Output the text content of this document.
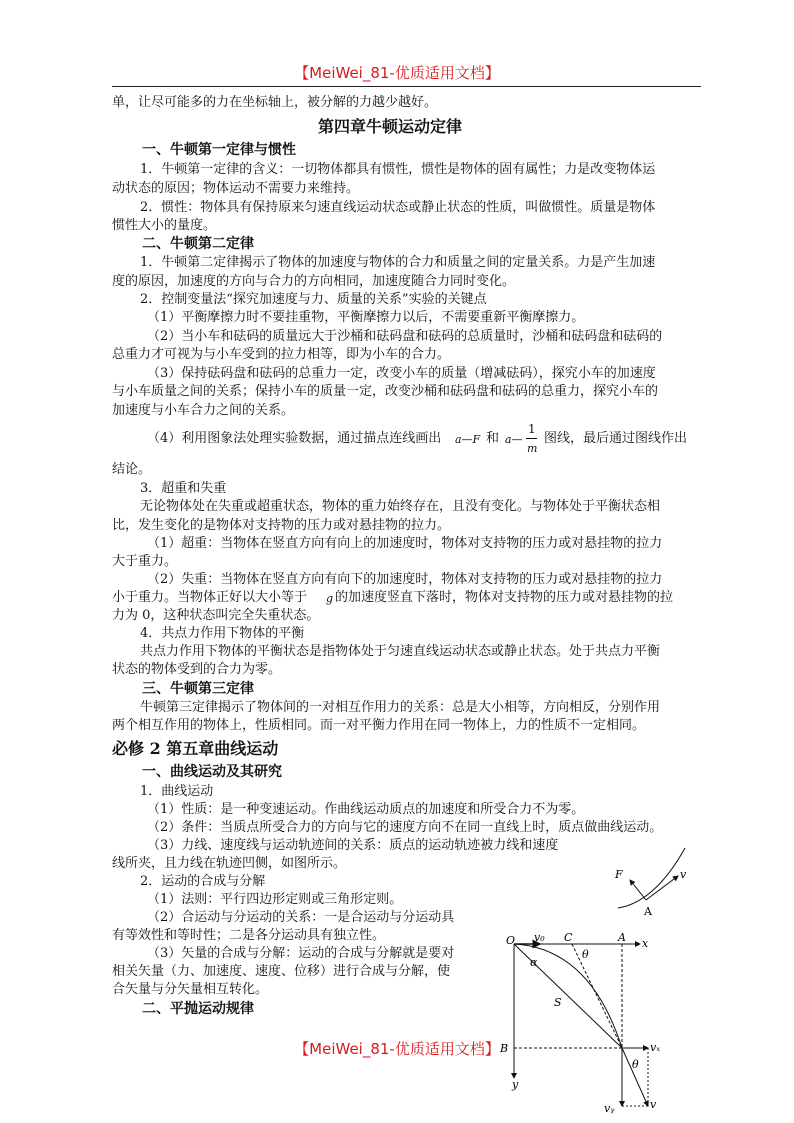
【MeiWei_81-优质适用文档】
单，让尽可能多的力在坐标轴上，被分解的力越少越好。
第四章牛顿运动定律
一、牛顿第一定律与惯性
1．牛顿第一定律的含义：一切物体都具有惯性，惯性是物体的固有属性；力是改变物体运
动状态的原因；物体运动不需要力来维持。
2．惯性：物体具有保持原来匀速直线运动状态或静止状态的性质，叫做惯性。质量是物体
惯性大小的量度。
二、牛顿第二定律
1．牛顿第二定律揭示了物体的加速度与物体的合力和质量之间的定量关系。力是产生加速
度的原因，加速度的方向与合力的方向相同，加速度随合力同时变化。
2．控制变量法“探究加速度与力、质量的关系”实验的关键点
（1）平衡摩擦力时不要挂重物，平衡摩擦力以后，不需要重新平衡摩擦力。
（2）当小车和砝码的质量远大于沙桶和砝码盘和砝码的总质量时，沙桶和砝码盘和砝码的
总重力才可视为与小车受到的拉力相等，即为小车的合力。
（3）保持砝码盘和砝码的总重力一定，改变小车的质量（增减砝码），探究小车的加速度
与小车质量之间的关系；保持小车的质量一定，改变沙桶和砝码盘和砝码的总重力，探究小车的
加速度与小车合力之间的关系。
（4）利用图象法处理实验数据，通过描点连线画出 a—F 和 a—
1
m
图线，最后通过图线作出
结论。
3．超重和失重
无论物体处在失重或超重状态，物体的重力始终存在，且没有变化。与物体处于平衡状态相
比，发生变化的是物体对支持物的压力或对悬挂物的拉力。
（1）超重：当物体在竖直方向有向上的加速度时，物体对支持物的压力或对悬挂物的拉力
大于重力。
（2）失重：当物体在竖直方向有向下的加速度时，物体对支持物的压力或对悬挂物的拉力
小于重力。当物体正好以大小等于 g 的加速度竖直下落时，物体对支持物的压力或对悬挂物的拉
力为 0，这种状态叫完全失重状态。
4．共点力作用下物体的平衡
共点力作用下物体的平衡状态是指物体处于匀速直线运动状态或静止状态。处于共点力平衡
状态的物体受到的合力为零。
三、牛顿第三定律
牛顿第三定律揭示了物体间的一对相互作用力的关系：总是大小相等，方向相反，分别作用
两个相互作用的物体上，性质相同。而一对平衡力作用在同一物体上，力的性质不一定相同。
必修 2 第五章曲线运动
一、曲线运动及其研究
1．曲线运动
（1）性质：是一种变速运动。作曲线运动质点的加速度和所受合力不为零。
（2）条件：当质点所受合力的方向与它的速度方向不在同一直线上时，质点做曲线运动。
（3）力线、速度线与运动轨迹间的关系：质点的运动轨迹被力线和速度
线所夹，且力线在轨迹凹侧，如图所示。
2．运动的合成与分解
（1）法则：平行四边形定则或三角形定则。
（2）合运动与分运动的关系：一是合运动与分运动具
有等效性和等时性；二是各分运动具有独立性。
（3）矢量的合成与分解：运动的合成与分解就是要对
相关矢量（力、加速度、速度、位移）进行合成与分解，使
合矢量与分矢量相互转化。
二、平抛运动规律
F	v
A
O v₀ C	A x
θ
α
S
B
y
vₓ
θ
vᵧ	v
【MeiWei_81-优质适用文档】
